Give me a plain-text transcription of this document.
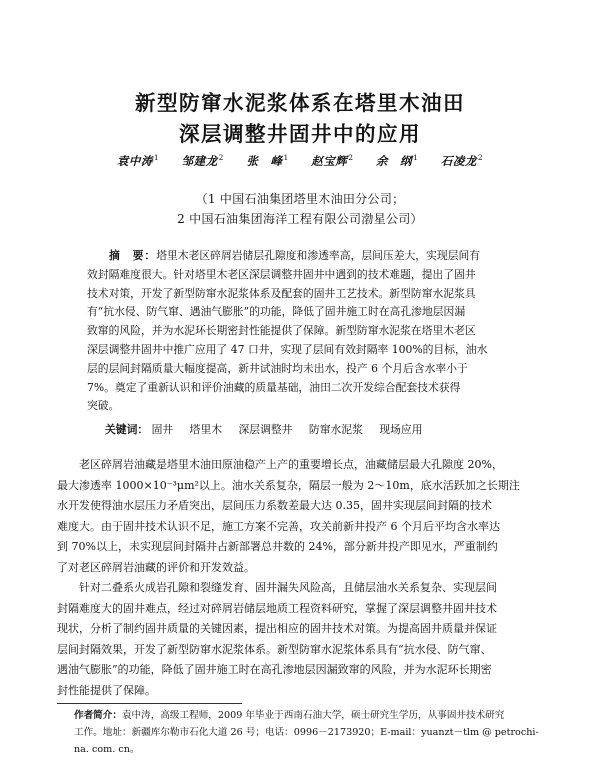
新型防窜水泥浆体系在塔里木油田
深层调整井固井中的应用
袁中涛$^1$ 邹建龙$^2$ 张　峰$^1$ 赵宝辉$^2$ 余　纲$^1$ 石凌龙$^2$
（1 中国石油集团塔里木油田分公司；
2 中国石油集团海洋工程有限公司渤星公司）
摘　要：塔里木老区碎屑岩储层孔隙度和渗透率高，层间压差大，实现层间有
效封隔难度很大。针对塔里木老区深层调整井固井中遇到的技术难题，提出了固井
技术对策，开发了新型防窜水泥浆体系及配套的固井工艺技术。新型防窜水泥浆具
有“抗水侵、防气窜、遇油气膨胀”的功能，降低了固井施工时在高孔渗地层因漏
致窜的风险，并为水泥环长期密封性能提供了保障。新型防窜水泥浆在塔里木老区
深层调整井固井中推广应用了 47 口井，实现了层间有效封隔率 100%的目标，油水
层的层间封隔质量大幅度提高，新井试油时均未出水，投产 6 个月后含水率小于
7%。奠定了重新认识和评价油藏的质量基础，油田二次开发综合配套技术获得
突破。
关键词： 固井 塔里木 深层调整井 防窜水泥浆 现场应用
老区碎屑岩油藏是塔里木油田原油稳产上产的重要增长点，油藏储层最大孔隙度 20%，
最大渗透率 1000×10⁻³μm²以上。油水关系复杂，隔层一般为 2～10m，底水活跃加之长期注
水开发使得油水层压力矛盾突出，层间压力系数差最大达 0.35，固井实现层间封隔的技术
难度大。由于固井技术认识不足，施工方案不完善，攻关前新井投产 6 个月后平均含水率达
到 70%以上，未实现层间封隔井占新部署总井数的 24%，部分新井投产即见水，严重制约
了对老区碎屑岩油藏的评价和开发效益。
针对二叠系火成岩孔隙和裂缝发育、固井漏失风险高，且储层油水关系复杂、实现层间
封隔难度大的固井难点，经过对碎屑岩储层地质工程资料研究，掌握了深层调整井固井技术
现状，分析了制约固井质量的关键因素，提出相应的固井技术对策。为提高固井质量并保证
层间封隔效果，开发了新型防窜水泥浆体系。新型防窜水泥浆体系具有“抗水侵、防气窜、
遇油气膨胀”的功能，降低了固井施工时在高孔渗地层因漏致窜的风险，并为水泥环长期密
封性能提供了保障。
作者简介：袁中涛，高级工程师，2009 年毕业于西南石油大学，硕士研究生学历，从事固井技术研究
工作。地址：新疆库尔勒市石化大道 26 号；电话：0996－2173920；E-mail：yuanzt－tlm @ petrochi-
na. com. cn。
